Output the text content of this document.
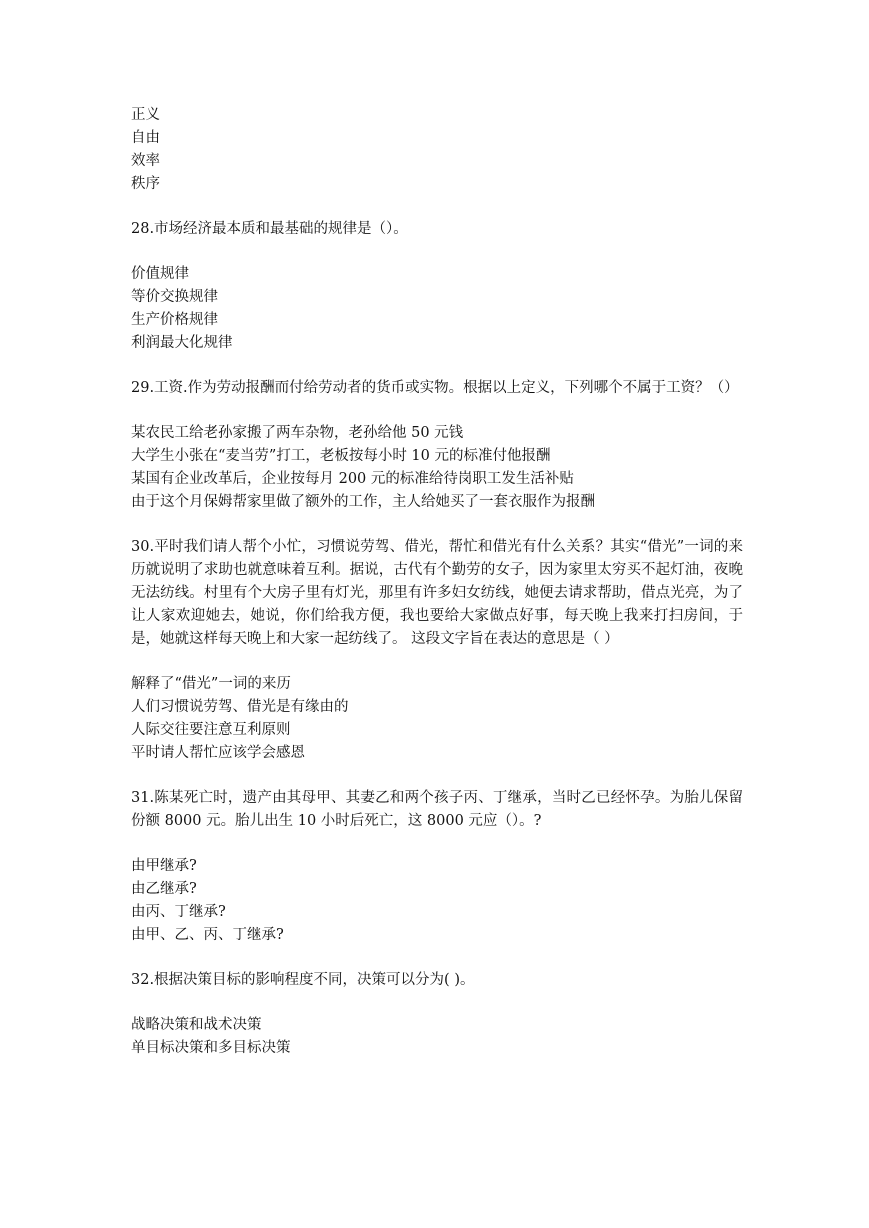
正义
自由
效率
秩序
28.市场经济最本质和最基础的规律是（）。
价值规律
等价交换规律
生产价格规律
利润最大化规律
29.工资.作为劳动报酬而付给劳动者的货币或实物。根据以上定义，下列哪个不属于工资？（）
某农民工给老孙家搬了两车杂物，老孙给他 50 元钱
大学生小张在“麦当劳”打工，老板按每小时 10 元的标准付他报酬
某国有企业改革后，企业按每月 200 元的标准给待岗职工发生活补贴
由于这个月保姆帮家里做了额外的工作，主人给她买了一套衣服作为报酬
30.平时我们请人帮个小忙，习惯说劳驾、借光，帮忙和借光有什么关系？其实“借光”一词的来历就说明了求助也就意味着互利。据说，古代有个勤劳的女子，因为家里太穷买不起灯油，夜晚无法纺线。村里有个大房子里有灯光，那里有许多妇女纺线，她便去请求帮助，借点光亮，为了让人家欢迎她去，她说，你们给我方便，我也要给大家做点好事，每天晚上我来打扫房间，于是，她就这样每天晚上和大家一起纺线了。 这段文字旨在表达的意思是（ ）
解释了“借光”一词的来历
人们习惯说劳驾、借光是有缘由的
人际交往要注意互利原则
平时请人帮忙应该学会感恩
31.陈某死亡时，遗产由其母甲、其妻乙和两个孩子丙、丁继承，当时乙已经怀孕。为胎儿保留份额 8000 元。胎儿出生 10 小时后死亡，这 8000 元应（）。?
由甲继承?
由乙继承?
由丙、丁继承?
由甲、乙、丙、丁继承?
32.根据决策目标的影响程度不同，决策可以分为( )。
战略决策和战术决策
单目标决策和多目标决策
